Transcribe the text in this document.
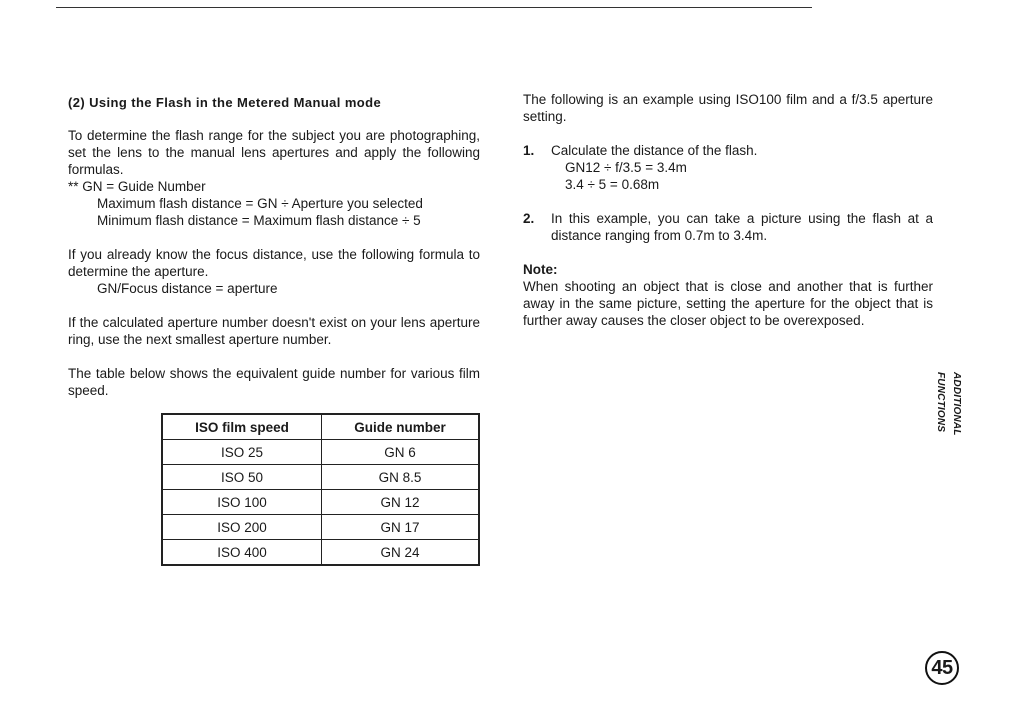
(2) Using the Flash in the Metered Manual mode

To determine the flash range for the subject you are photographing, set the lens to the manual lens apertures and apply the following formulas.

** GN = Guide Number

Maximum flash distance = GN ÷ Aperture you selected

Minimum flash distance = Maximum flash distance ÷ 5

If you already know the focus distance, use the following formula to determine the aperture.

GN/Focus distance = aperture

If the calculated aperture number doesn't exist on your lens aperture ring, use the next smallest aperture number.

The table below shows the equivalent guide number for various film speed.

ISO film speed	Guide number
ISO 25	GN 6
ISO 50	GN 8.5
ISO 100	GN 12
ISO 200	GN 17
ISO 400	GN 24

The following is an example using ISO100 film and a f/3.5 aperture setting.

1.	Calculate the distance of the flash.

GN12 ÷ f/3.5 = 3.4m

3.4 ÷ 5 = 0.68m

2.	In this example, you can take a picture using the flash at a distance ranging from 0.7m to 3.4m.

Note:

When shooting an object that is close and another that is further away in the same picture, setting the aperture for the object that is further away causes the closer object to be overexposed.

ADDITIONAL FUNCTIONS
45
